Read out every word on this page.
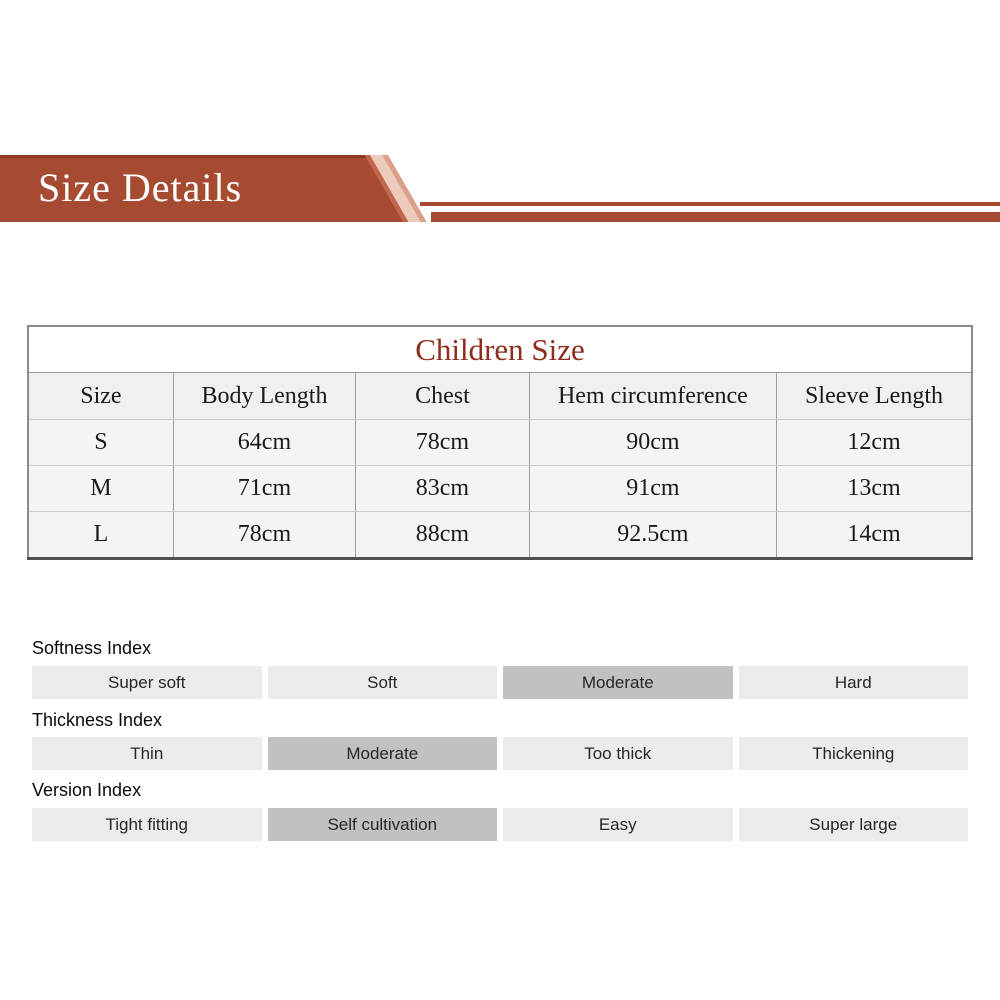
Size Details
Children Size				
Size	Body Length	Chest	Hem circumference	Sleeve Length
S	64cm	78cm	90cm	12cm
M	71cm	83cm	91cm	13cm
L	78cm	88cm	92.5cm	14cm
Softness Index
Super soft	Soft	Moderate	Hard
Thickness Index
Thin	Moderate	Too thick	Thickening
Version Index
Tight fitting	Self cultivation	Easy	Super large
